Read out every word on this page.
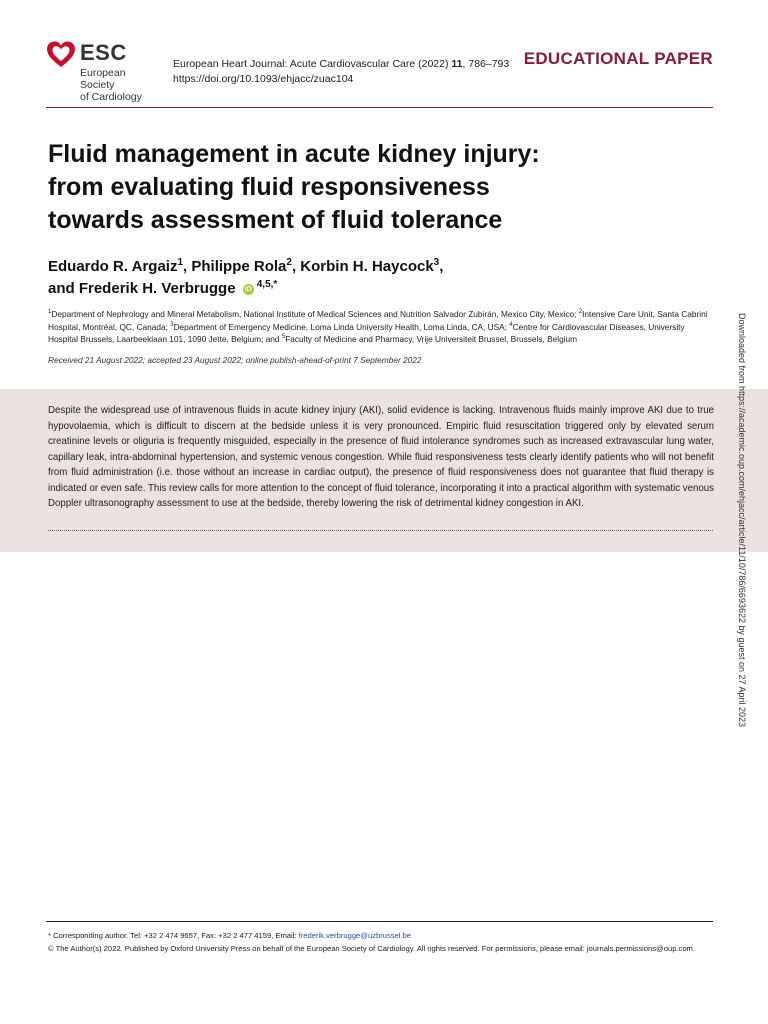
ESC
European Society
of Cardiology
European Heart Journal: Acute Cardiovascular Care (2022) 11, 786–793
https://doi.org/10.1093/ehjacc/zuac104
EDUCATIONAL PAPER
Fluid management in acute kidney injury:
from evaluating fluid responsiveness
towards assessment of fluid tolerance
Eduardo R. Argaiz$^1$, Philippe Rola$^2$, Korbin H. Haycock$^3$,
and Frederik H. Verbrugge iD $^{4,5,*}$
$^1$Department of Nephrology and Mineral Metabolism, National Institute of Medical Sciences and Nutrition Salvador Zubirán, Mexico City, Mexico; $^2$Intensive Care Unit, Santa Cabrini Hospital, Montréal, QC, Canada; $^3$Department of Emergency Medicine, Loma Linda University Health, Loma Linda, CA, USA; $^4$Centre for Cardiovascular Diseases, University Hospital Brussels, Laarbeeklaan 101, 1090 Jette, Belgium; and $^5$Faculty of Medicine and Pharmacy, Vrije Universiteit Brussel, Brussels, Belgium
Received 21 August 2022; accepted 23 August 2022; online publish-ahead-of-print 7 September 2022
Despite the widespread use of intravenous fluids in acute kidney injury (AKI), solid evidence is lacking. Intravenous fluids mainly improve AKI due to true hypovolaemia, which is difficult to discern at the bedside unless it is very pronounced. Empiric fluid resuscitation triggered only by elevated serum creatinine levels or oliguria is frequently misguided, especially in the presence of fluid intolerance syndromes such as increased extravascular lung water, capillary leak, intra-abdominal hypertension, and systemic venous congestion. While fluid responsiveness tests clearly identify patients who will not benefit from fluid administration (i.e. those without an increase in cardiac output), the presence of fluid responsiveness does not guarantee that fluid therapy is indicated or even safe. This review calls for more attention to the concept of fluid tolerance, incorporating it into a practical algorithm with systematic venous Doppler ultrasonography assessment to use at the bedside, thereby lowering the risk of detrimental kidney congestion in AKI.	Downloaded from https://academic.oup.com/ehjacc/article/11/10/786/6693622 by guest on 27 April 2023
* Corresponding author. Tel: +32 2 474 9657, Fax: +32 2 477 4159, Email: frederik.verbrugge@uzbrussel.be
© The Author(s) 2022. Published by Oxford University Press on behalf of the European Society of Cardiology. All rights reserved. For permissions, please email: journals.permissions@oup.com.
